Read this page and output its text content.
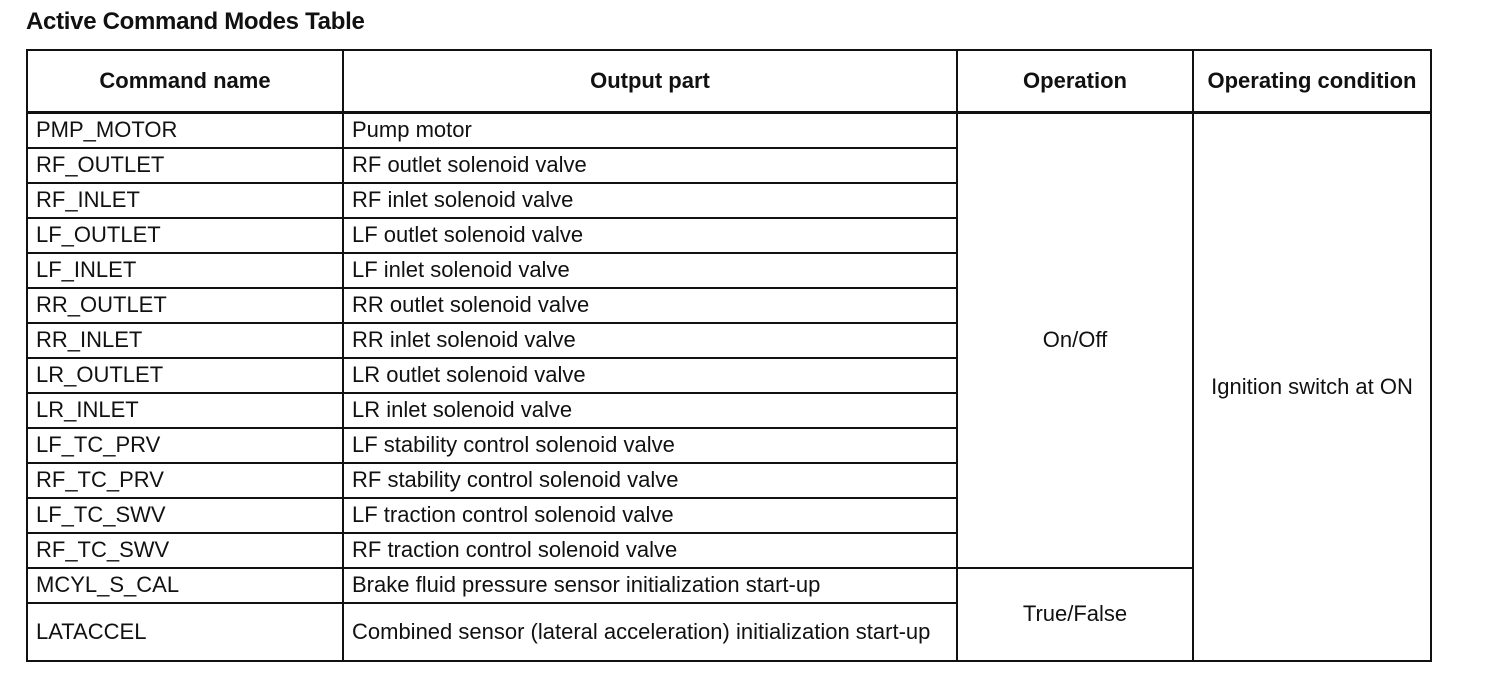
Active Command Modes Table
Command name	Output part	Operation	Operating condition
PMP_MOTOR	Pump motor	On/Off	Ignition switch at ON
RF_OUTLET	RF outlet solenoid valve		
RF_INLET	RF inlet solenoid valve		
LF_OUTLET	LF outlet solenoid valve		
LF_INLET	LF inlet solenoid valve		
RR_OUTLET	RR outlet solenoid valve		
RR_INLET	RR inlet solenoid valve		
LR_OUTLET	LR outlet solenoid valve		
LR_INLET	LR inlet solenoid valve		
LF_TC_PRV	LF stability control solenoid valve		
RF_TC_PRV	RF stability control solenoid valve		
LF_TC_SWV	LF traction control solenoid valve		
RF_TC_SWV	RF traction control solenoid valve		
MCYL_S_CAL	Brake fluid pressure sensor initialization start-up	True/False	
LATACCEL	Combined sensor (lateral acceleration) initialization start-up		
